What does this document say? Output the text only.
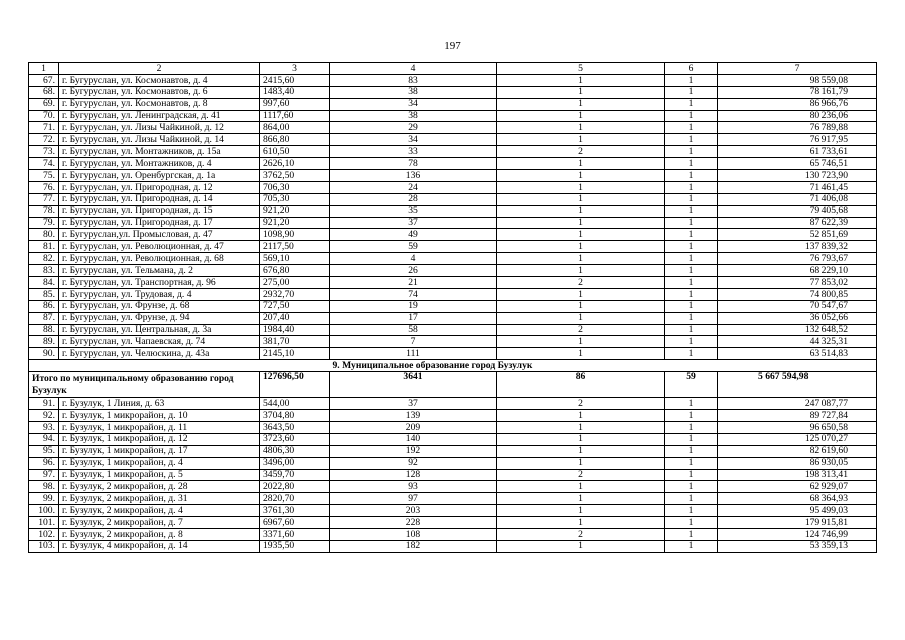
197
1	2	3	4	5	6	7
67.	г. Бугуруслан, ул. Космонавтов, д. 4	2415,60	83	1	1	98 559,08
68.	г. Бугуруслан, ул. Космонавтов, д. 6	1483,40	38	1	1	78 161,79
69.	г. Бугуруслан, ул. Космонавтов, д. 8	997,60	34	1	1	86 966,76
70.	г. Бугуруслан, ул. Ленинградская, д. 41	1117,60	38	1	1	80 236,06
71.	г. Бугуруслан, ул. Лизы Чайкиной, д. 12	864,00	29	1	1	76 789,88
72.	г. Бугуруслан, ул. Лизы Чайкиной, д. 14	866,80	34	1	1	76 917,95
73.	г. Бугуруслан, ул. Монтажников, д. 15а	610,50	33	2	1	61 733,61
74.	г. Бугуруслан, ул. Монтажников, д. 4	2626,10	78	1	1	65 746,51
75.	г. Бугуруслан, ул. Оренбургская, д. 1а	3762,50	136	1	1	130 723,90
76.	г. Бугуруслан, ул. Пригородная, д. 12	706,30	24	1	1	71 461,45
77.	г. Бугуруслан, ул. Пригородная, д. 14	705,30	28	1	1	71 406,08
78.	г. Бугуруслан, ул. Пригородная, д. 15	921,20	35	1	1	79 405,68
79.	г. Бугуруслан, ул. Пригородная, д. 17	921,20	37	1	1	87 622,39
80.	г. Бугуруслан,ул. Промысловая, д. 47	1098,90	49	1	1	52 851,69
81.	г. Бугуруслан, ул. Революционная, д. 47	2117,50	59	1	1	137 839,32
82.	г. Бугуруслан, ул. Революционная, д. 68	569,10	4	1	1	76 793,67
83.	г. Бугуруслан, ул. Тельмана, д. 2	676,80	26	1	1	68 229,10
84.	г. Бугуруслан, ул. Транспортная, д. 96	275,00	21	2	1	77 853,02
85.	г. Бугуруслан, ул. Трудовая, д. 4	2932,70	74	1	1	74 800,85
86.	г. Бугуруслан, ул. Фрунзе, д. 68	727,50	19	1	1	70 547,67
87.	г. Бугуруслан, ул. Фрунзе, д. 94	207,40	17	1	1	36 052,66
88.	г. Бугуруслан, ул. Центральная, д. 3а	1984,40	58	2	1	132 648,52
89.	г. Бугуруслан, ул. Чапаевская, д. 74	381,70	7	1	1	44 325,31
90.	г. Бугуруслан, ул. Челюскина, д. 43а	2145,10	111	1	1	63 514,83
			9. Муниципальное образование город Бузулук			
Итого по муниципальному образованию город Бузулук		127696,50	3641	86	59	5 667 594,98
91.	г. Бузулук, 1 Линия, д. 63	544,00	37	2	1	247 087,77
92.	г. Бузулук, 1 микрорайон, д. 10	3704,80	139	1	1	89 727,84
93.	г. Бузулук, 1 микрорайон, д. 11	3643,50	209	1	1	96 650,58
94.	г. Бузулук, 1 микрорайон, д. 12	3723,60	140	1	1	125 070,27
95.	г. Бузулук, 1 микрорайон, д. 17	4806,30	192	1	1	82 619,60
96.	г. Бузулук, 1 микрорайон, д. 4	3496,00	92	1	1	86 930,05
97.	г. Бузулук, 1 микрорайон, д. 5	3459,70	128	2	1	198 313,41
98.	г. Бузулук, 2 микрорайон, д. 28	2022,80	93	1	1	62 929,07
99.	г. Бузулук, 2 микрорайон, д. 31	2820,70	97	1	1	68 364,93
100.	г. Бузулук, 2 микрорайон, д. 4	3761,30	203	1	1	95 499,03
101.	г. Бузулук, 2 микрорайон, д. 7	6967,60	228	1	1	179 915,81
102.	г. Бузулук, 2 микрорайон, д. 8	3371,60	108	2	1	124 746,99
103.	г. Бузулук, 4 микрорайон, д. 14	1935,50	182	1	1	53 359,13
